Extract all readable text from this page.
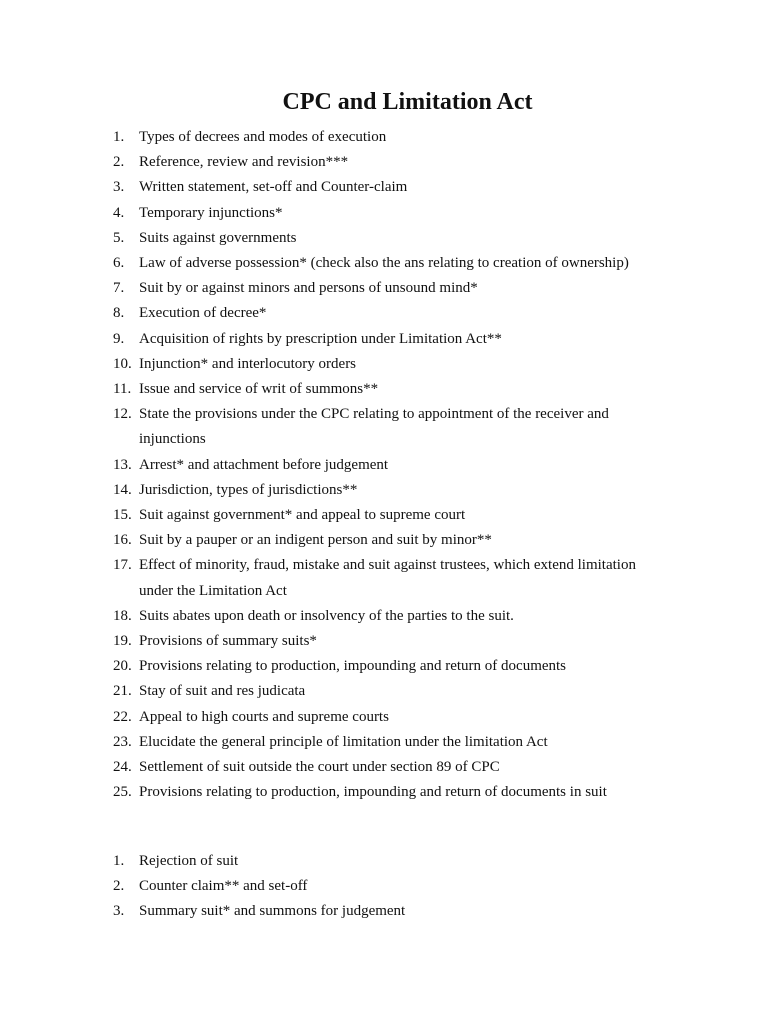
CPC and Limitation Act
1. Types of decrees and modes of execution
2. Reference, review and revision***
3. Written statement, set-off and Counter-claim
4. Temporary injunctions*
5. Suits against governments
6. Law of adverse possession* (check also the ans relating to creation of ownership)
7. Suit by or against minors and persons of unsound mind*
8. Execution of decree*
9. Acquisition of rights by prescription under Limitation Act**
10. Injunction* and interlocutory orders
11. Issue and service of writ of summons**
12. State the provisions under the CPC relating to appointment of the receiver and injunctions
13. Arrest* and attachment before judgement
14. Jurisdiction, types of jurisdictions**
15. Suit against government* and appeal to supreme court
16. Suit by a pauper or an indigent person and suit by minor**
17. Effect of minority, fraud, mistake and suit against trustees, which extend limitation under the Limitation Act
18. Suits abates upon death or insolvency of the parties to the suit.
19. Provisions of summary suits*
20. Provisions relating to production, impounding and return of documents
21. Stay of suit and res judicata
22. Appeal to high courts and supreme courts
23. Elucidate the general principle of limitation under the limitation Act
24. Settlement of suit outside the court under section 89 of CPC
25. Provisions relating to production, impounding and return of documents in suit
1. Rejection of suit
2. Counter claim** and set-off
3. Summary suit* and summons for judgement
